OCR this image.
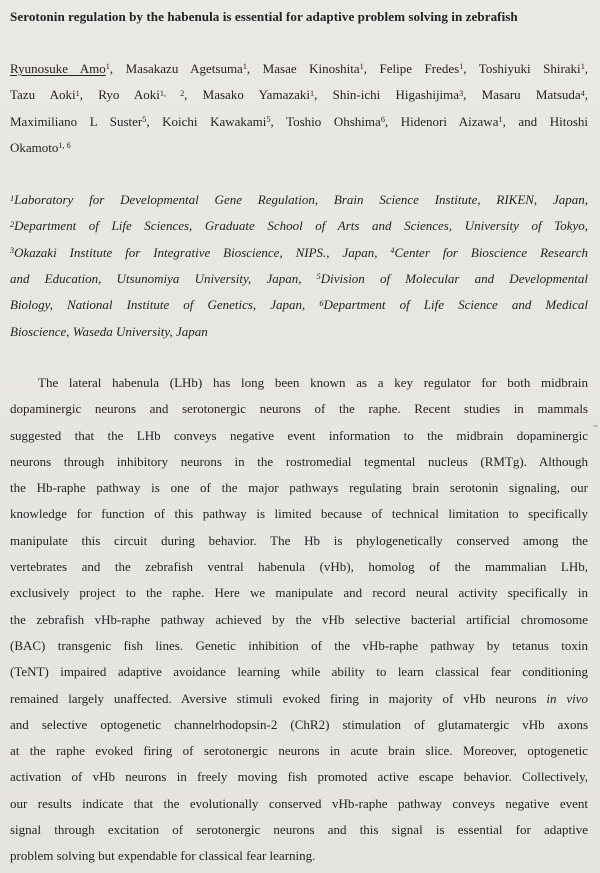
Serotonin regulation by the habenula is essential for adaptive problem solving in zebrafish
Ryunosuke Amo$^1$, Masakazu Agetsuma$^1$, Masae Kinoshita$^1$, Felipe Fredes$^1$, Toshiyuki Shiraki$^1$,
Tazu Aoki$^1$, Ryo Aoki$^{1, 2}$, Masako Yamazaki$^1$, Shin-ichi Higashijima$^3$, Masaru Matsuda$^4$,
Maximiliano L Suster$^5$, Koichi Kawakami$^5$, Toshio Ohshima$^6$, Hidenori Aizawa$^1$, and Hitoshi
Okamoto$^{1, 6}$
$^1$Laboratory for Developmental Gene Regulation, Brain Science Institute, RIKEN, Japan,
$^2$Department of Life Sciences, Graduate School of Arts and Sciences, University of Tokyo,
$^3$Okazaki Institute for Integrative Bioscience, NIPS., Japan, $^4$Center for Bioscience Research
and Education, Utsunomiya University, Japan, $^5$Division of Molecular and Developmental
Biology, National Institute of Genetics, Japan, $^6$Department of Life Science and Medical
Bioscience, Waseda University, Japan
The lateral habenula (LHb) has long been known as a key regulator for both midbrain
dopaminergic neurons and serotonergic neurons of the raphe. Recent studies in mammals
suggested that the LHb conveys negative event information to the midbrain dopaminergic
neurons through inhibitory neurons in the rostromedial tegmental nucleus (RMTg). Although
the Hb-raphe pathway is one of the major pathways regulating brain serotonin signaling, our
knowledge for function of this pathway is limited because of technical limitation to specifically
manipulate this circuit during behavior. The Hb is phylogenetically conserved among the
vertebrates and the zebrafish ventral habenula (vHb), homolog of the mammalian LHb,
exclusively project to the raphe. Here we manipulate and record neural activity specifically in
the zebrafish vHb-raphe pathway achieved by the vHb selective bacterial artificial chromosome
(BAC) transgenic fish lines. Genetic inhibition of the vHb-raphe pathway by tetanus toxin
(TeNT) impaired adaptive avoidance learning while ability to learn classical fear conditioning
remained largely unaffected. Aversive stimuli evoked firing in majority of vHb neurons in vivo
and selective optogenetic channelrhodopsin-2 (ChR2) stimulation of glutamatergic vHb axons
at the raphe evoked firing of serotonergic neurons in acute brain slice. Moreover, optogenetic
activation of vHb neurons in freely moving fish promoted active escape behavior. Collectively,
our results indicate that the evolutionally conserved vHb-raphe pathway conveys negative event
signal through excitation of serotonergic neurons and this signal is essential for adaptive
problem solving but expendable for classical fear learning.
